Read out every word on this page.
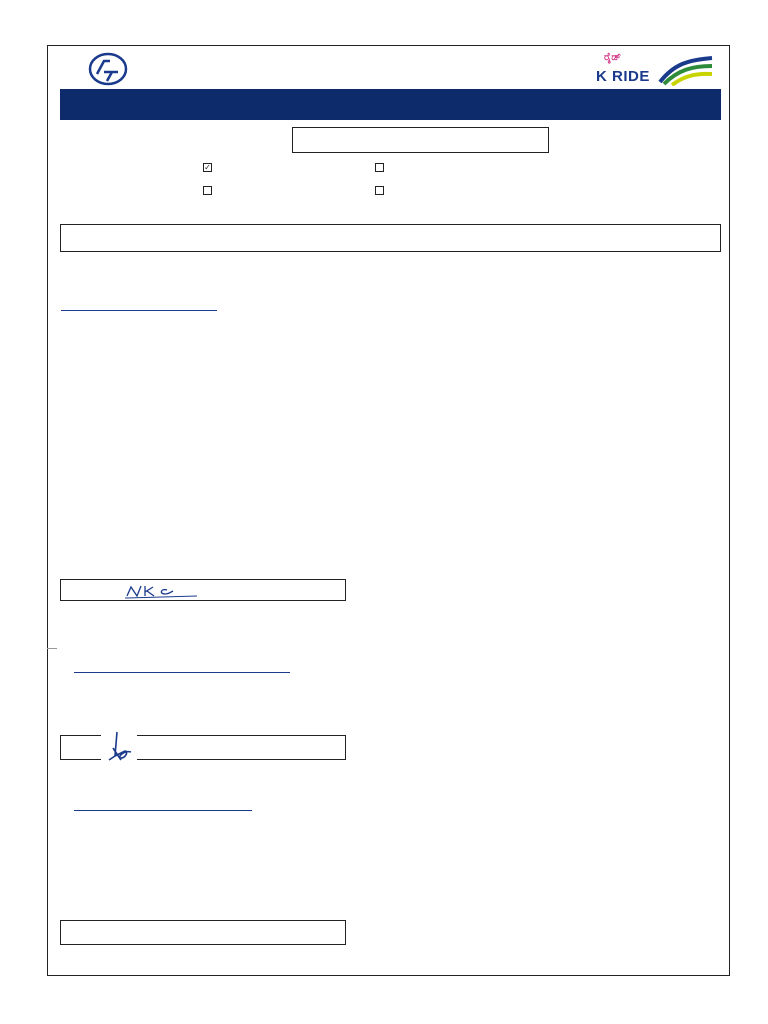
ರೈಡ್
K RIDE
✓
